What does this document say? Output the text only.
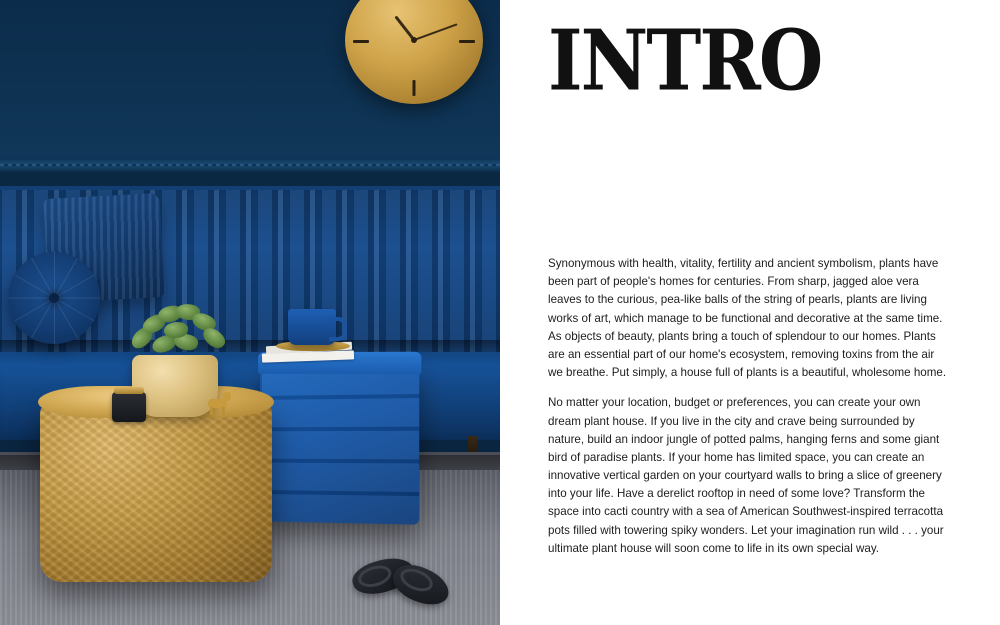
INTRO

Synonymous with health, vitality, fertility and ancient symbolism, plants have been part of people's homes for centuries. From sharp, jagged aloe vera leaves to the curious, pea-like balls of the string of pearls, plants are living works of art, which manage to be functional and decorative at the same time. As objects of beauty, plants bring a touch of splendour to our homes. Plants are an essential part of our home's ecosystem, removing toxins from the air we breathe. Put simply, a house full of plants is a beautiful, wholesome home.

No matter your location, budget or preferences, you can create your own dream plant house. If you live in the city and crave being surrounded by nature, build an indoor jungle of potted palms, hanging ferns and some giant bird of paradise plants. If your home has limited space, you can create an innovative vertical garden on your courtyard walls to bring a slice of greenery into your life. Have a derelict rooftop in need of some love? Transform the space into cacti country with a sea of American Southwest-inspired terracotta pots filled with towering spiky wonders. Let your imagination run wild . . . your ultimate plant house will soon come to life in its own special way.
